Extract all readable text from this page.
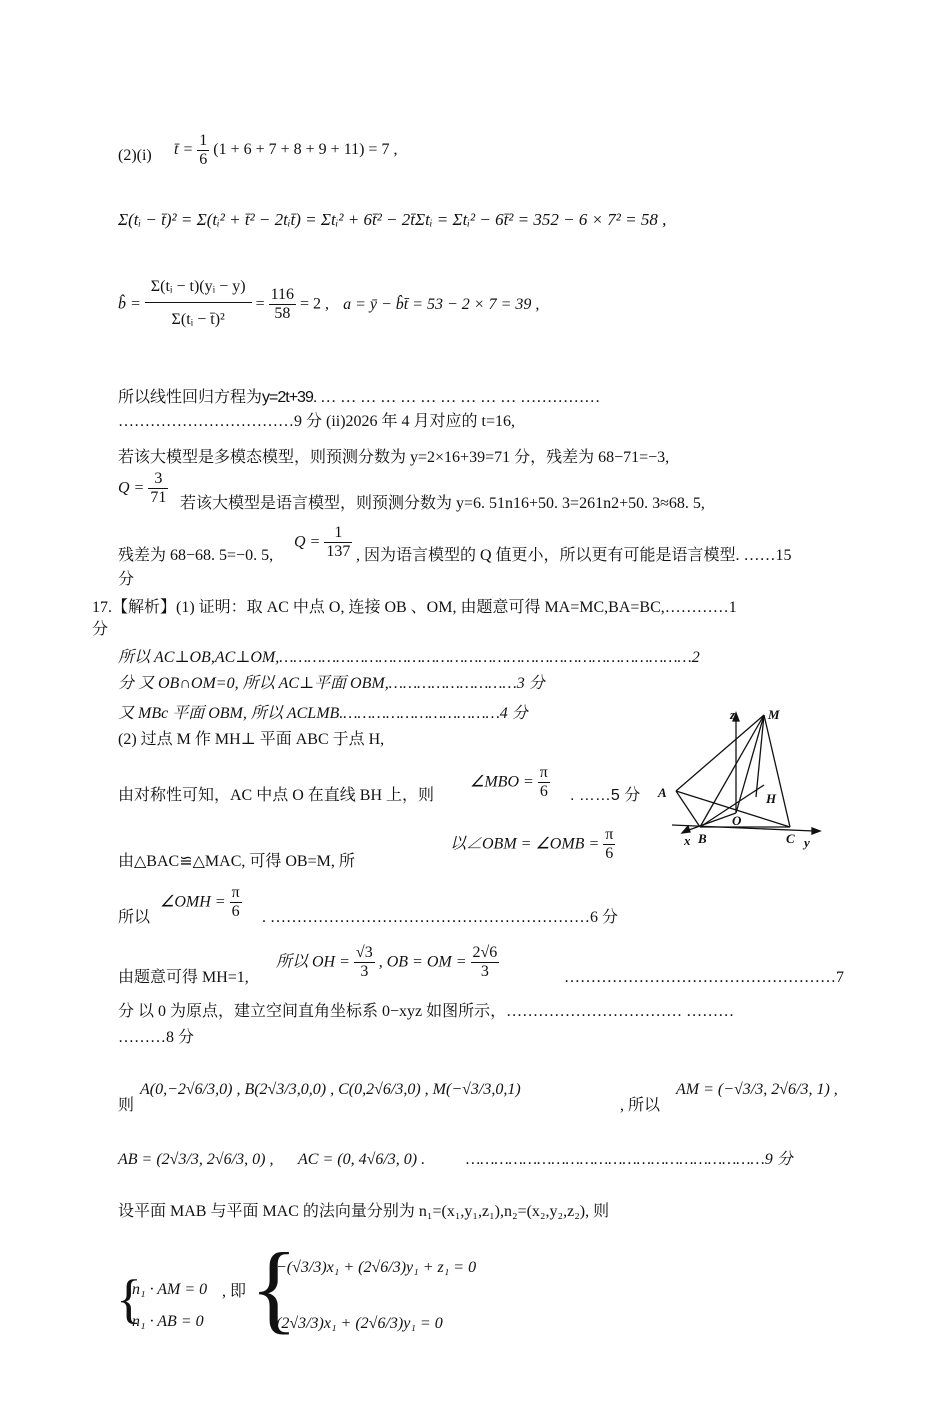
(2)(i) t̄ = $\frac{1}{6} (1 + 6 + 7 + 8 + 9 + 11) = 7$ ,
Σ(tᵢ − t̄)² = Σ(tᵢ² + t̄² − 2tᵢt̄) = Σtᵢ² + 6t̄² − 2t̄Σtᵢ = Σtᵢ² − 6t̄² = 352 − 6 × 7² = 58 ,
b̂ = $\frac{\text{Σ(tᵢ − t)(yᵢ − y)}}{\text{Σ(tᵢ − t̄)²}} = \frac{116}{58} = 2$ , a = ȳ − b̂t̄ = 53 − 2 × 7 = 39 ,
所以线性回归方程为y=2t+39. … … … … … … … … … … ……………
……………………………9 分 (ii)2026 年 4 月对应的 t=16,
若该大模型是多模态模型，则预测分数为 y=2×16+39=71 分，残差为 68−71=−3,
$Q = \frac{3}{71}$ 若该大模型是语言模型，则预测分数为 y=6. 51n16+50. 3=261n2+50. 3≈68. 5,
残差为 68−68. 5=−0. 5,
$Q = \frac{1}{137}$ , 因为语言模型的 Q 值更小，所以更有可能是语言模型. ……15
分
17.【解析】(1) 证明：取 AC 中点 O, 连接 OB 、OM, 由题意可得 MA=MC,BA=BC,…………1
分
所以 AC⊥OB,AC⊥OM,……………………………………………………………………………2
分 又 OB∩OM=0, 所以 AC⊥平面 OBM,………………………3 分
又 MBc 平面 OBM, 所以 ACLMB.……………………………4 分
(2) 过点 M 作 MH⊥ 平面 ABC 于点 H,
由对称性可知，AC 中点 O 在直线 BH 上，则
∠MBO = $\frac{\pi}{6}$ . ……5 分
由△BAC≌△MAC, 可得 OB=M, 所
以∠OBM = ∠OMB = $\frac{\pi}{6}$
所以
∠OMH = $\frac{\pi}{6}$ . ……………………………………………………6 分
由题意可得 MH=1,
所以 OH = $\frac{√3}{3}$ , OB = OM = $\frac{2√6}{3}$	……………………………………………7
分 以 0 为原点，建立空间直角坐标系 0−xyz 如图所示，…………………………… ………
………8 分
则
A(0,−2√6/3,0) , B(2√3/3,0,0) , C(0,2√6/3,0) , M(−√3/3,0,1)
, 所以
AM = (−√3/3, 2√6/3, 1) ,
AB = (2√3/3, 2√6/3, 0) , AC = (0, 4√6/3, 0) .	………………………………………………………9 分
设平面 MAB 与平面 MAC 的法向量分别为 n₁=(x₁,y₁,z₁),n₂=(x₂,y₂,z₂), 则
{
n₁ · AM = 0
n₁ · AB = 0
, 即 {
−(√3/3)x₁ + (2√6/3)y₁ + z₁ = 0
(2√3/3)x₁ + (2√6/3)y₁ = 0
z	M
A	H
O
x B	C y
